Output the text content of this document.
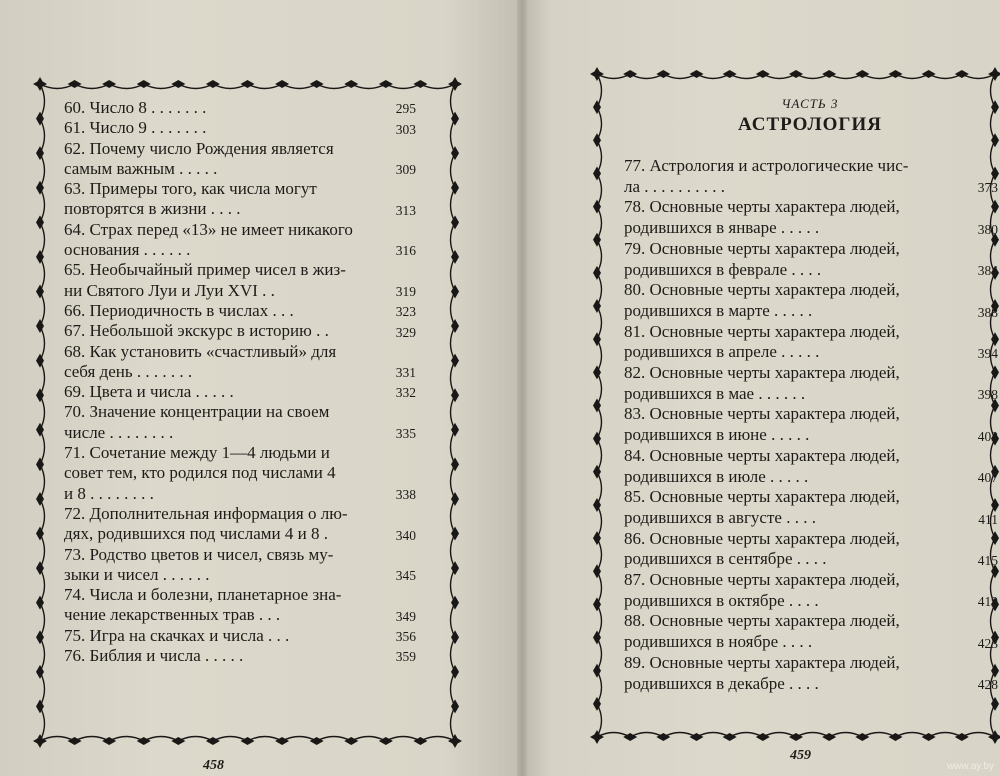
60. Число 8 . . . . . . .	295
61. Число 9 . . . . . . .	303
62. Почему число Рождения является
самым важным . . . . .	309
63. Примеры того, как числа могут
повторятся в жизни . . . .	313
64. Страх перед «13» не имеет никакого
основания . . . . . .	316
65. Необычайный пример чисел в жиз-
ни Святого Луи и Луи XVI . .	319
66. Периодичность в числах . . .	323
67. Небольшой экскурс в историю . .	329
68. Как установить «счастливый» для
себя день . . . . . . .	331
69. Цвета и числа . . . . .	332
70. Значение концентрации на своем
числе . . . . . . . .	335
71. Сочетание между 1—4 людьми и
совет тем, кто родился под числами 4
и 8 . . . . . . . .	338
72. Дополнительная информация о лю-
дях, родившихся под числами 4 и 8 .	340
73. Родство цветов и чисел, связь му-
зыки и чисел . . . . . .	345
74. Числа и болезни, планетарное зна-
чение лекарственных трав . . .	349
75. Игра на скачках и числа . . .	356
76. Библия и числа . . . . .	359
ЧАСТЬ 3
АСТРОЛОГИЯ
77. Астрология и астрологические чис-
ла . . . . . . . . . .	373
78. Основные черты характера людей,
родившихся в январе . . . . .	380
79. Основные черты характера людей,
родившихся в феврале . . . .	384
80. Основные черты характера людей,
родившихся в марте . . . . .	388
81. Основные черты характера людей,
родившихся в апреле . . . . .	394
82. Основные черты характера людей,
родившихся в мае . . . . . .	398
83. Основные черты характера людей,
родившихся в июне . . . . .	402
84. Основные черты характера людей,
родившихся в июле . . . . .	407
85. Основные черты характера людей,
родившихся в августе . . . .	411
86. Основные черты характера людей,
родившихся в сентябре . . . .	415
87. Основные черты характера людей,
родившихся в октябре . . . .	419
88. Основные черты характера людей,
родившихся в ноябре . . . .	423
89. Основные черты характера людей,
родившихся в декабре . . . .	428
458
459
www.ay.by
